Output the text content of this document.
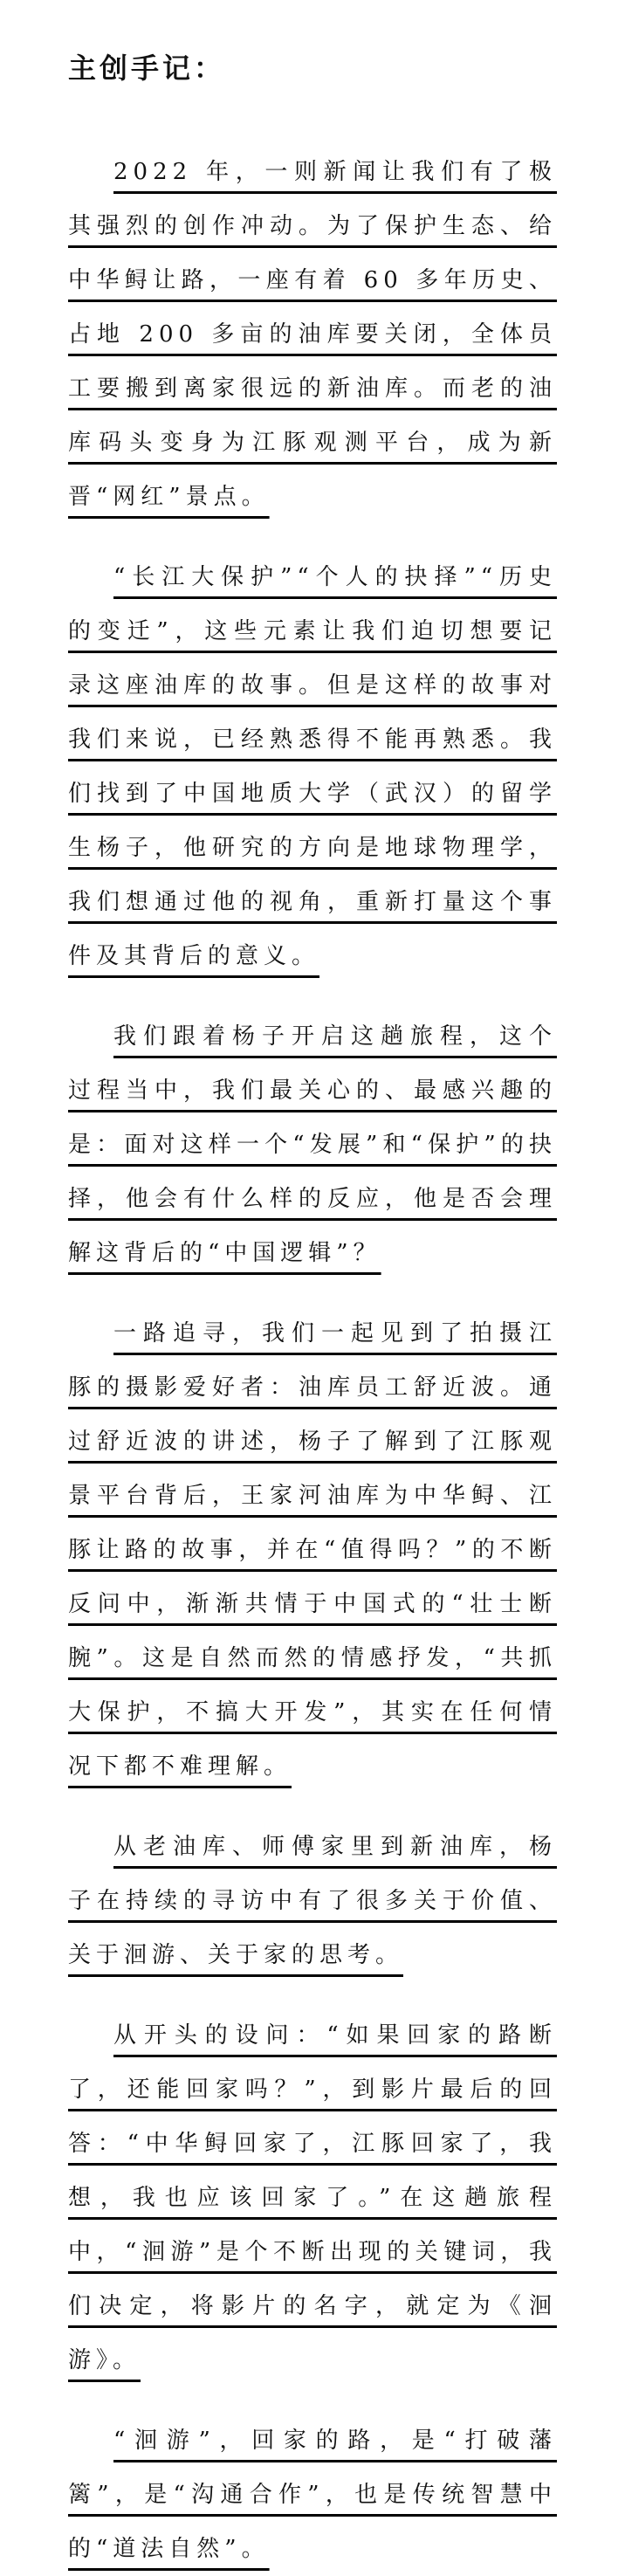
主创手记：

2022 年，一则新闻让我们有了极其强烈的创作冲动。为了保护生态、给中华鲟让路，一座有着 60 多年历史、占地 200 多亩的油库要关闭，全体员工要搬到离家很远的新油库。而老的油库码头变身为江豚观测平台，成为新晋“网红”景点。

“长江大保护”“个人的抉择”“历史的变迁”，这些元素让我们迫切想要记录这座油库的故事。但是这样的故事对我们来说，已经熟悉得不能再熟悉。我们找到了中国地质大学（武汉）的留学生杨子，他研究的方向是地球物理学，我们想通过他的视角，重新打量这个事件及其背后的意义。

我们跟着杨子开启这趟旅程，这个过程当中，我们最关心的、最感兴趣的是：面对这样一个“发展”和“保护”的抉择，他会有什么样的反应，他是否会理解这背后的“中国逻辑”？

一路追寻，我们一起见到了拍摄江豚的摄影爱好者：油库员工舒近波。通过舒近波的讲述，杨子了解到了江豚观景平台背后，王家河油库为中华鲟、江豚让路的故事，并在“值得吗？”的不断反问中，渐渐共情于中国式的“壮士断腕”。这是自然而然的情感抒发，“共抓大保护，不搞大开发”，其实在任何情况下都不难理解。

从老油库、师傅家里到新油库，杨子在持续的寻访中有了很多关于价值、关于洄游、关于家的思考。

从开头的设问：“如果回家的路断了，还能回家吗？”，到影片最后的回答：“中华鲟回家了，江豚回家了，我想，我也应该回家了。”在这趟旅程中，“洄游”是个不断出现的关键词，我们决定，将影片的名字，就定为《洄游》。

“洄游”，回家的路，是“打破藩篱”，是“沟通合作”，也是传统智慧中的“道法自然”。
